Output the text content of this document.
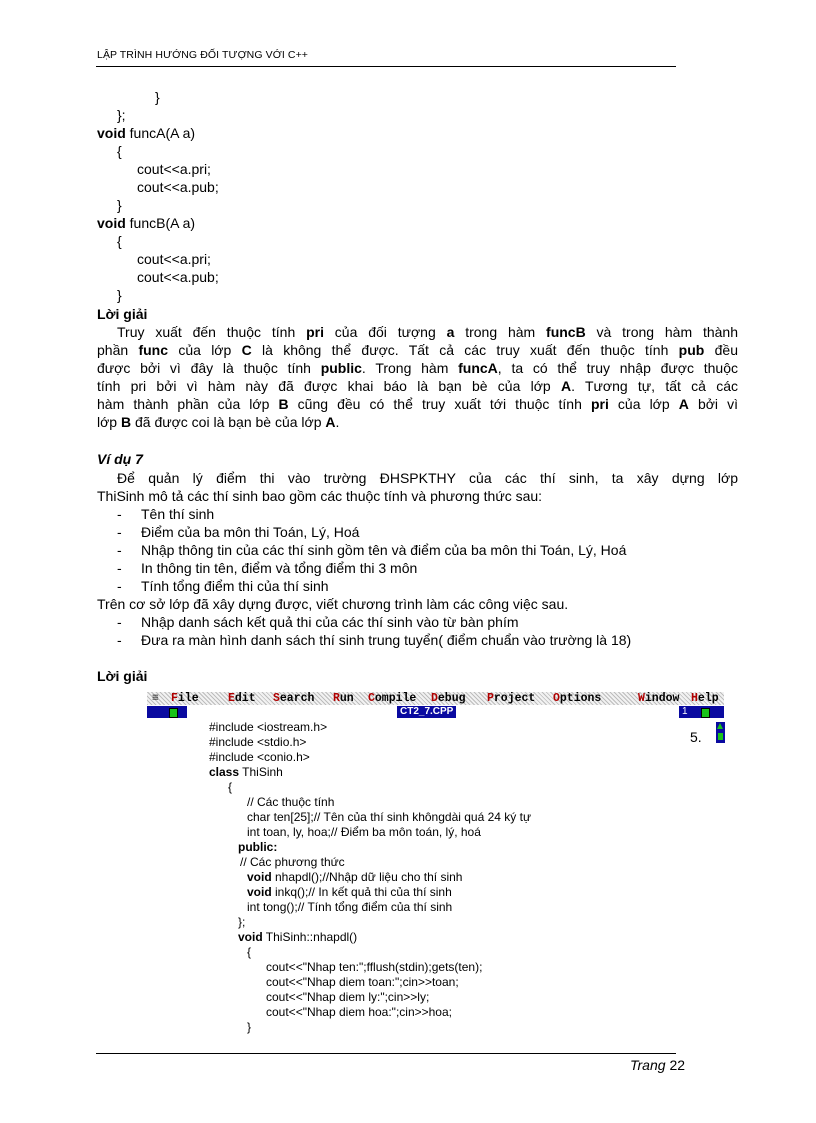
LẬP TRÌNH HƯỚNG ĐỐI TƯỢNG VỚI C++
}
};
void funcA(A a)
{
cout<<a.pri;
cout<<a.pub;
}
void funcB(A a)
{
cout<<a.pri;
cout<<a.pub;
}
Lời giải
Truy xuất đến thuộc tính pri của đối tượng a trong hàm funcB và trong hàm thành
phần func của lớp C là không thể được. Tất cả các truy xuất đến thuộc tính pub đều
được bởi vì đây là thuộc tính public. Trong hàm funcA, ta có thể truy nhập được thuộc
tính pri bởi vì hàm này đã được khai báo là bạn bè của lớp A. Tương tự, tất cả các
hàm thành phần của lớp B cũng đều có thể truy xuất tới thuộc tính pri của lớp A bởi vì
lớp B đã được coi là bạn bè của lớp A.
Ví dụ 7
Để quản lý điểm thi vào trường ĐHSPKTHY của các thí sinh, ta xây dựng lớp
ThiSinh mô tả các thí sinh bao gồm các thuộc tính và phương thức sau:
- Tên thí sinh
- Điểm của ba môn thi Toán, Lý, Hoá
- Nhập thông tin của các thí sinh gồm tên và điểm của ba môn thi Toán, Lý, Hoá
- In thông tin tên, điểm và tổng điểm thi 3 môn
- Tính tổng điểm thi của thí sinh
Trên cơ sở lớp đã xây dựng được, viết chương trình làm các công việc sau.
- Nhập danh sách kết quả thi của các thí sinh vào từ bàn phím
- Đưa ra màn hình danh sách thí sinh trung tuyển( điểm chuẩn vào trường là 18)
Lời giải
≡ File	Edit Search Run Compile Debug Project Options	Window Help
CT2_7.CPP	1
5.
#include <iostream.h>
#include <stdio.h>
#include <conio.h>
class ThiSinh
{
// Các thuộc tính
char ten[25];// Tên của thí sinh khôngdài quá 24 ký tự
int toan, ly, hoa;// Điểm ba môn toán, lý, hoá
public:
// Các phương thức
void nhapdl();//Nhập dữ liệu cho thí sinh
void inkq();// In kết quả thi của thí sinh
int tong();// Tính tổng điểm của thí sinh
};
void ThiSinh::nhapdl()
{
cout<<"Nhap ten:";fflush(stdin);gets(ten);
cout<<"Nhap diem toan:";cin>>toan;
cout<<"Nhap diem ly:";cin>>ly;
cout<<"Nhap diem hoa:";cin>>hoa;
}
Trang 22
